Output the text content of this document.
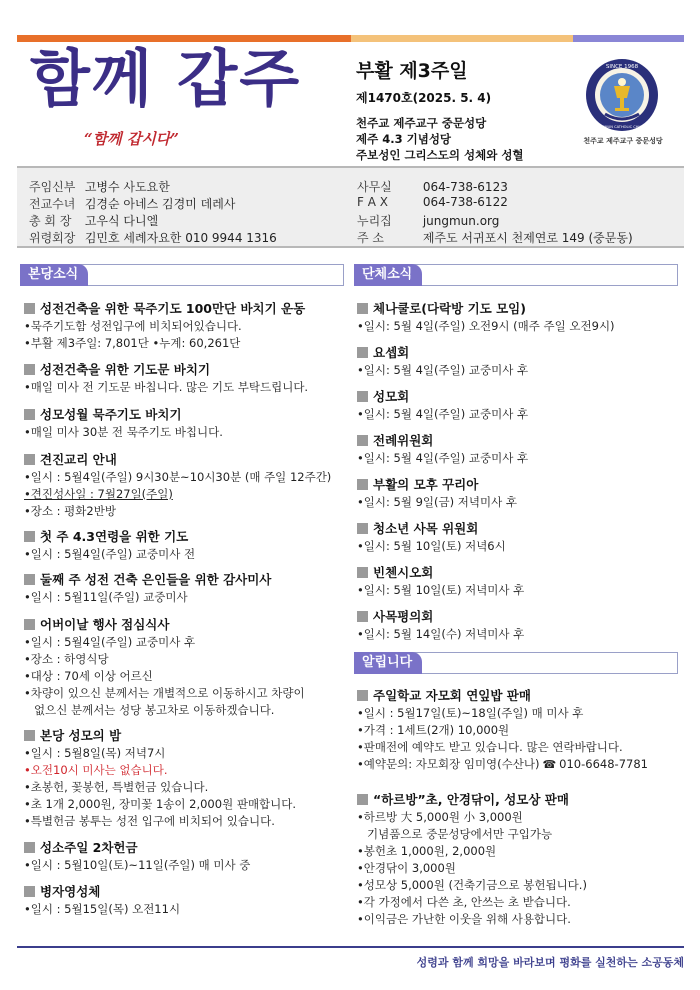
함께 갑주
“함께 갑시다”
부활 제3주일
제1470호(2025. 5. 4)
천주교 제주교구 중문성당
제주 4.3 기념성당
주보성인 그리스도의 성체와 성혈
SINCE 1968
JUNGMUN CATHOLIC CHURCH
천주교 제주교구 중문성당
주임신부 고병수 사도요한
전교수녀 김경순 아네스 김경미 데레사
총 회 장 고우식 다니엘
위령회장 김민호 세례자요한 010 9944 1316
사무실	064-738-6123
F A X	064-738-6122
누리집	jungmun.org
주 소	제주도 서귀포시 천제연로 149 (중문동)
본당소식	단체소식
알립니다
성전건축을 위한 묵주기도 100만단 바치기 운동
•묵주기도함 성전입구에 비치되어있습니다.
•부활 제3주일: 7,801단 •누계: 60,261단
성전건축을 위한 기도문 바치기
•매일 미사 전 기도문 바칩니다. 많은 기도 부탁드립니다.
성모성월 묵주기도 바치기
•매일 미사 30분 전 묵주기도 바칩니다.
견진교리 안내
•일시 : 5월4일(주일) 9시30분~10시30분 (매 주일 12주간)
•견진성사일 : 7월27일(주일)
•장소 : 평화2반방
첫 주 4.3연령을 위한 기도
•일시 : 5월4일(주일) 교중미사 전
둘째 주 성전 건축 은인들을 위한 감사미사
•일시 : 5월11일(주일) 교중미사
어버이날 행사 점심식사
•일시 : 5월4일(주일) 교중미사 후
•장소 : 하영식당
•대상 : 70세 이상 어르신
•차량이 있으신 분께서는 개별적으로 이동하시고 차량이
없으신 분께서는 성당 봉고차로 이동하겠습니다.
본당 성모의 밤
•일시 : 5월8일(목) 저녁7시
•오전10시 미사는 없습니다.
•초봉헌, 꽃봉헌, 특별헌금 있습니다.
•초 1개 2,000원, 장미꽃 1송이 2,000원 판매합니다.
•특별헌금 봉투는 성전 입구에 비치되어 있습니다.
성소주일 2차헌금
•일시 : 5월10일(토)~11일(주일) 매 미사 중
병자영성체
•일시 : 5월15일(목) 오전11시
체나쿨로(다락방 기도 모임)
•일시: 5월 4일(주일) 오전9시 (매주 주일 오전9시)
요셉회
•일시: 5월 4일(주일) 교중미사 후
성모회
•일시: 5월 4일(주일) 교중미사 후
전례위원회
•일시: 5월 4일(주일) 교중미사 후
부활의 모후 꾸리아
•일시: 5월 9일(금) 저녁미사 후
청소년 사목 위원회
•일시: 5월 10일(토) 저녁6시
빈첸시오회
•일시: 5월 10일(토) 저녁미사 후
사목평의회
•일시: 5월 14일(수) 저녁미사 후
주일학교 자모회 연잎밥 판매
•일시 : 5월17일(토)~18일(주일) 매 미사 후
•가격 : 1세트(2개) 10,000원
•판매전에 예약도 받고 있습니다. 많은 연락바랍니다.
•예약문의: 자모회장 임미영(수산나) ☎ 010-6648-7781
“하르방”초, 안경닦이, 성모상 판매
•하르방 大 5,000원 小 3,000원
기념품으로 중문성당에서만 구입가능
•봉헌초 1,000원, 2,000원
•안경닦이 3,000원
•성모상 5,000원 (건축기금으로 봉헌됩니다.)
•각 가정에서 다쓴 초, 안쓰는 초 받습니다.
•이익금은 가난한 이웃을 위해 사용합니다.
성령과 함께 희망을 바라보며 평화를 실천하는 소공동체
